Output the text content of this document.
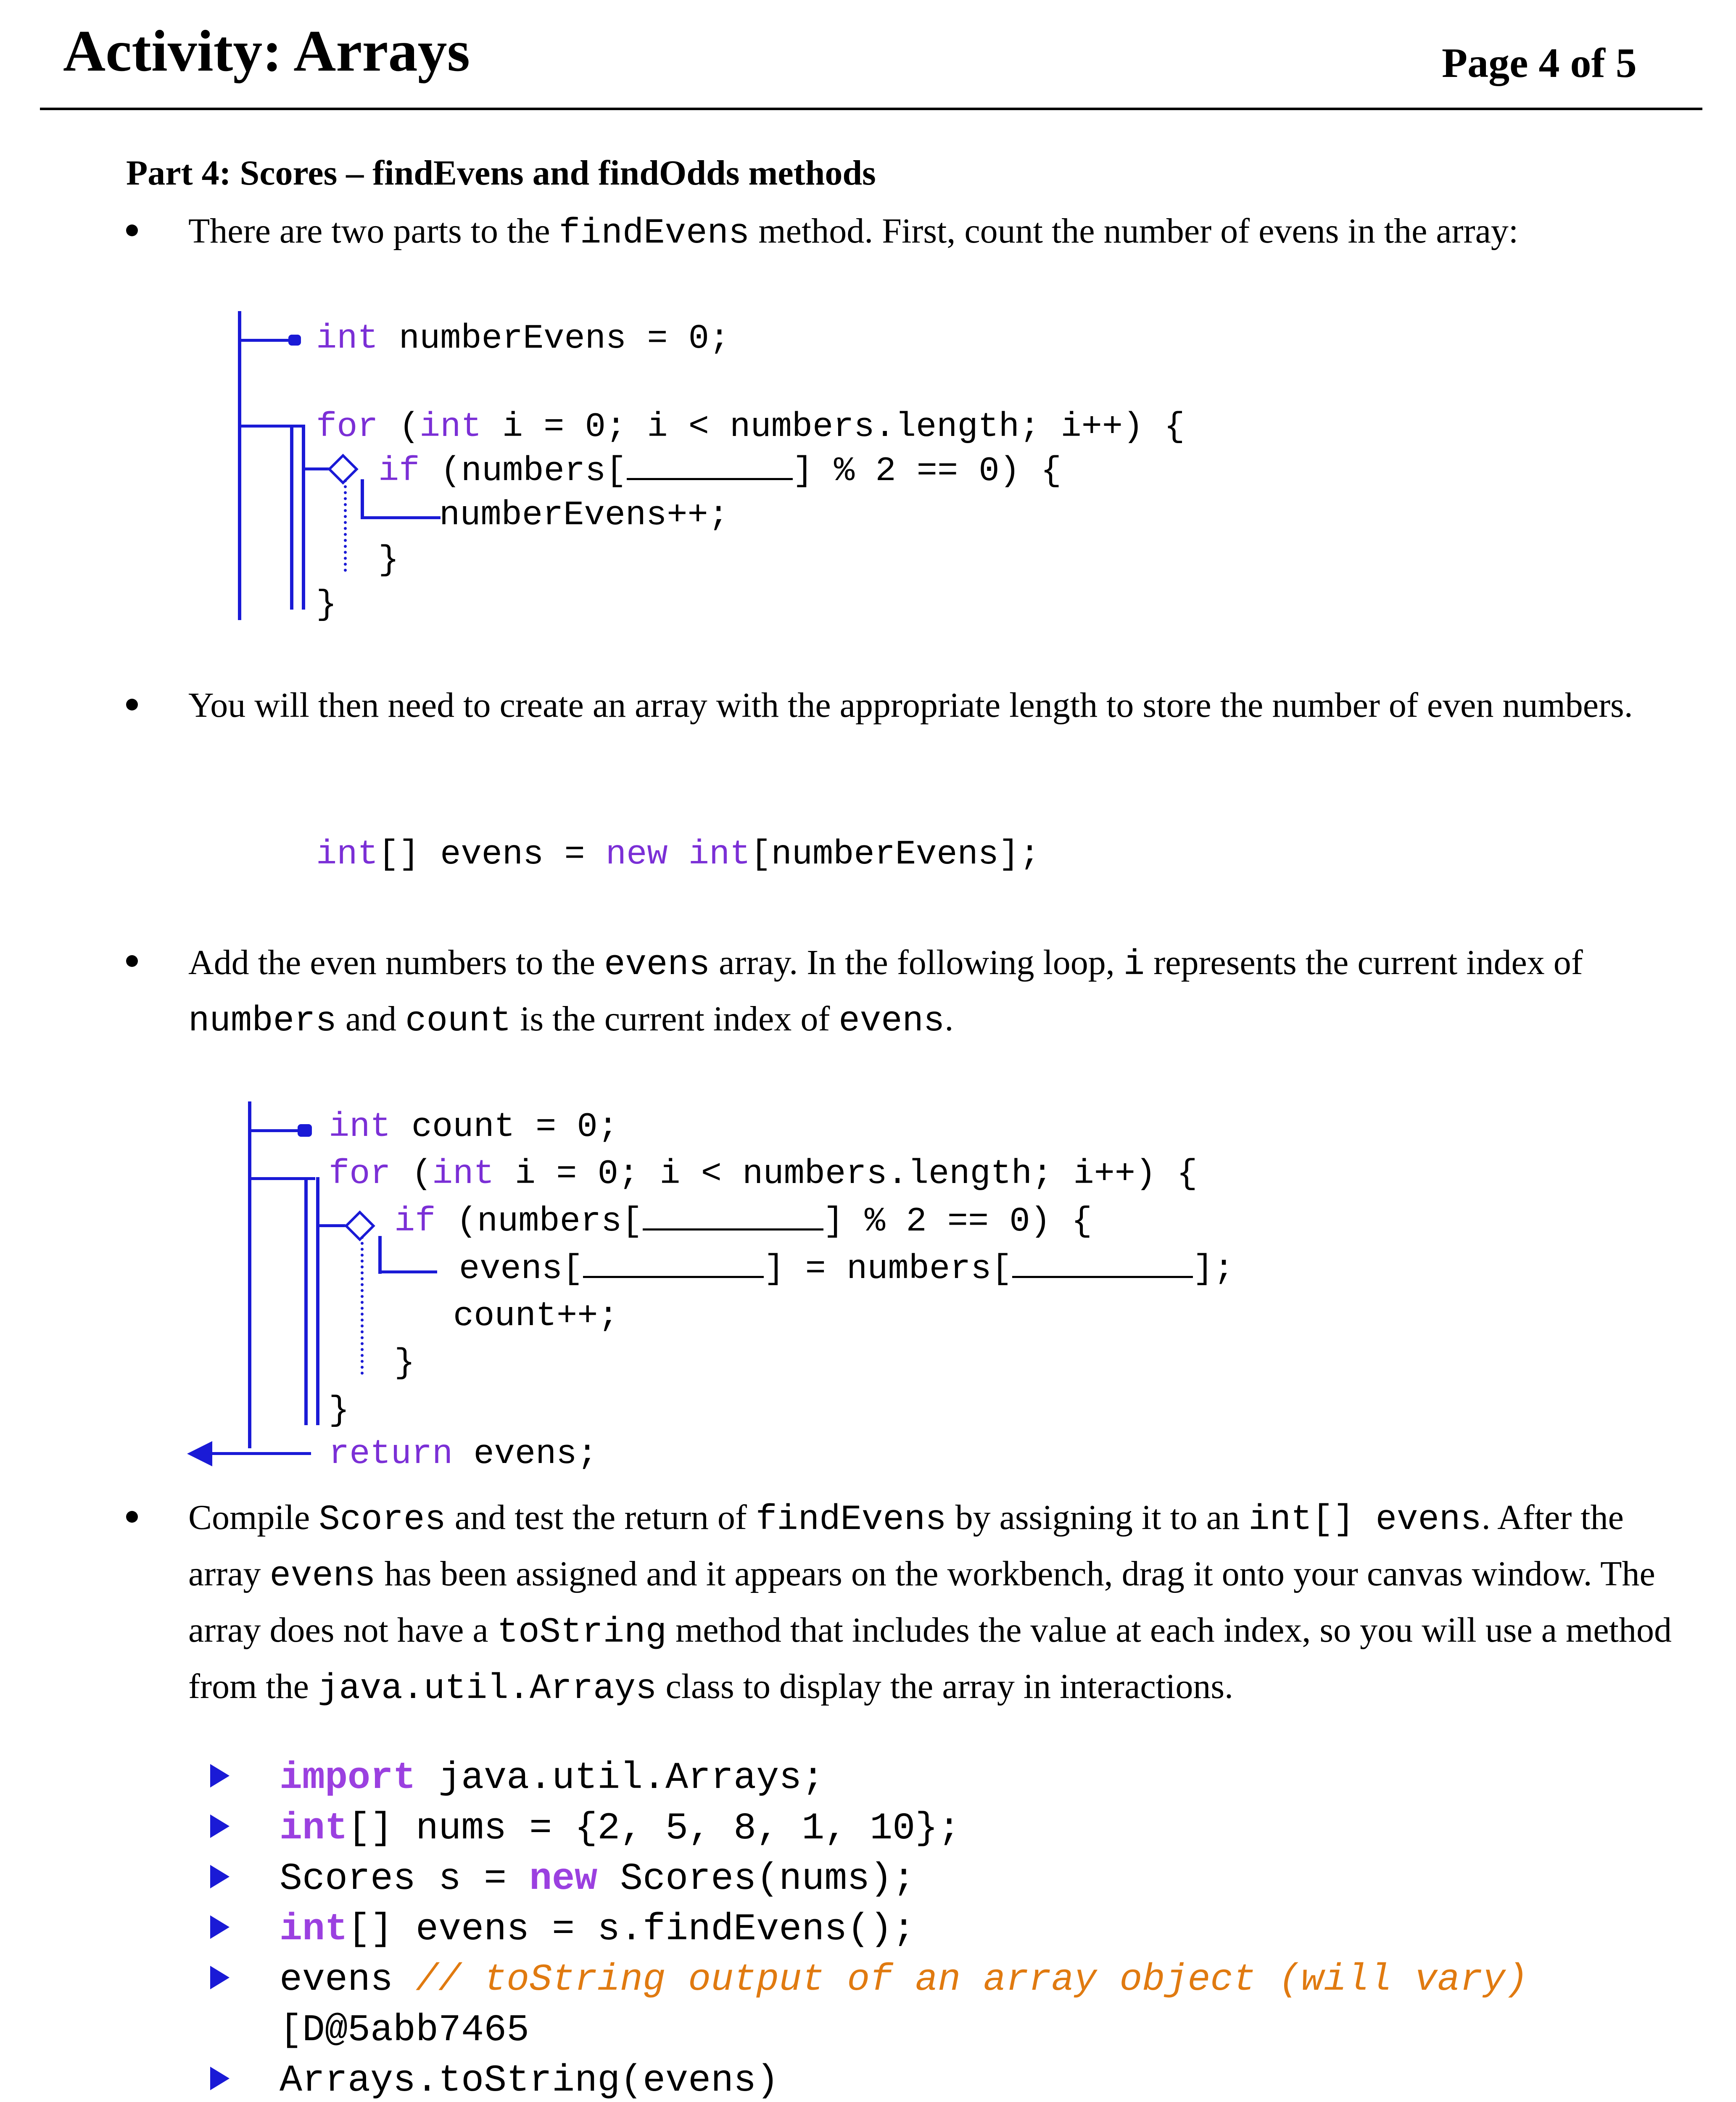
Activity: Arrays	Page 4 of 5
Part 4: Scores – findEvens and findOdds methods
There are two parts to the findEvens method. First, count the number of evens in the array:
int numberEvens = 0;
for (int i = 0; i < numbers.length; i++) {
if (numbers[	] % 2 == 0) {
numberEvens++;
}
}
You will then need to create an array with the appropriate length to store the number of even numbers.
int[] evens = new int[numberEvens];
Add the even numbers to the evens array. In the following loop, i represents the current index of numbers and count is the current index of evens.
int count = 0;
for (int i = 0; i < numbers.length; i++) {
if (numbers[	] % 2 == 0) {
evens[	] = numbers[	];
count++;
}
}
return evens;
Compile Scores and test the return of findEvens by assigning it to an int[] evens. After the array evens has been assigned and it appears on the workbench, drag it onto your canvas window. The array does not have a toString method that includes the value at each index, so you will use a method from the java.util.Arrays class to display the array in interactions.
import java.util.Arrays;
int[] nums = {2, 5, 8, 1, 10};
Scores s = new Scores(nums);
int[] evens = s.findEvens();
evens // toString output of an array object (will vary)
[D@5abb7465
Arrays.toString(evens)
